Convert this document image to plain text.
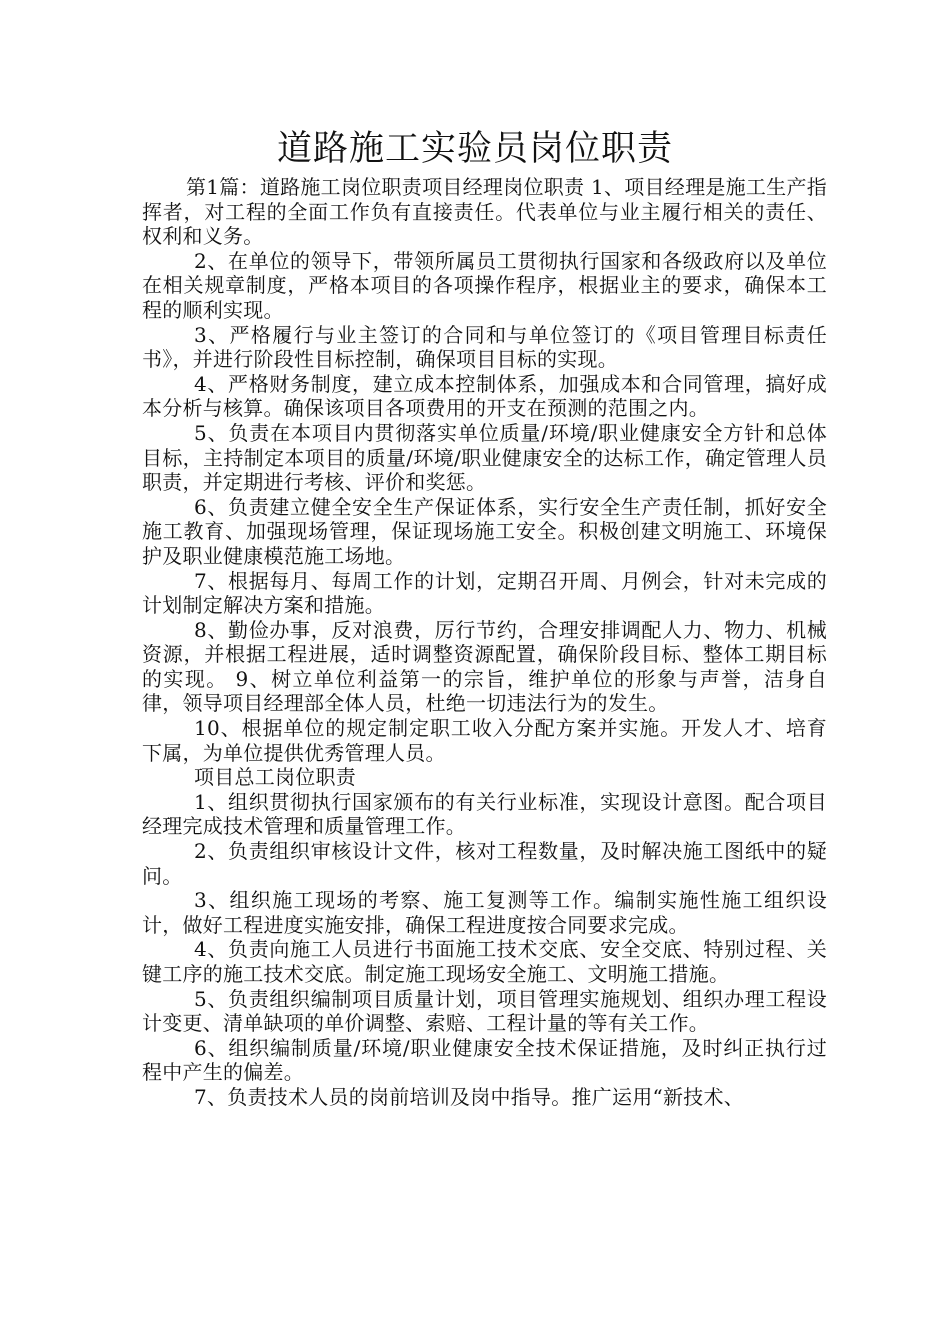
道路施工实验员岗位职责

第1篇：道路施工岗位职责项目经理岗位职责 1、项目经理是施工生产指挥者，对工程的全面工作负有直接责任。代表单位与业主履行相关的责任、权利和义务。

2、在单位的领导下，带领所属员工贯彻执行国家和各级政府以及单位在相关规章制度，严格本项目的各项操作程序，根据业主的要求，确保本工程的顺利实现。

3、严格履行与业主签订的合同和与单位签订的《项目管理目标责任书》，并进行阶段性目标控制，确保项目目标的实现。

4、严格财务制度，建立成本控制体系，加强成本和合同管理，搞好成本分析与核算。确保该项目各项费用的开支在预测的范围之内。

5、负责在本项目内贯彻落实单位质量/环境/职业健康安全方针和总体目标，主持制定本项目的质量/环境/职业健康安全的达标工作，确定管理人员职责，并定期进行考核、评价和奖惩。

6、负责建立健全安全生产保证体系，实行安全生产责任制，抓好安全施工教育、加强现场管理，保证现场施工安全。积极创建文明施工、环境保护及职业健康模范施工场地。

7、根据每月、每周工作的计划，定期召开周、月例会，针对未完成的计划制定解决方案和措施。

8、勤俭办事，反对浪费，厉行节约，合理安排调配人力、物力、机械资源，并根据工程进展，适时调整资源配置，确保阶段目标、整体工期目标的实现。 9、树立单位利益第一的宗旨，维护单位的形象与声誉，洁身自律，领导项目经理部全体人员，杜绝一切违法行为的发生。

10、根据单位的规定制定职工收入分配方案并实施。开发人才、培育下属，为单位提供优秀管理人员。

项目总工岗位职责

1、组织贯彻执行国家颁布的有关行业标准，实现设计意图。配合项目经理完成技术管理和质量管理工作。

2、负责组织审核设计文件，核对工程数量，及时解决施工图纸中的疑问。

3、组织施工现场的考察、施工复测等工作。编制实施性施工组织设计，做好工程进度实施安排，确保工程进度按合同要求完成。

4、负责向施工人员进行书面施工技术交底、安全交底、特别过程、关键工序的施工技术交底。制定施工现场安全施工、文明施工措施。

5、负责组织编制项目质量计划，项目管理实施规划、组织办理工程设计变更、清单缺项的单价调整、索赔、工程计量的等有关工作。

6、组织编制质量/环境/职业健康安全技术保证措施，及时纠正执行过程中产生的偏差。

7、负责技术人员的岗前培训及岗中指导。推广运用“新技术、
